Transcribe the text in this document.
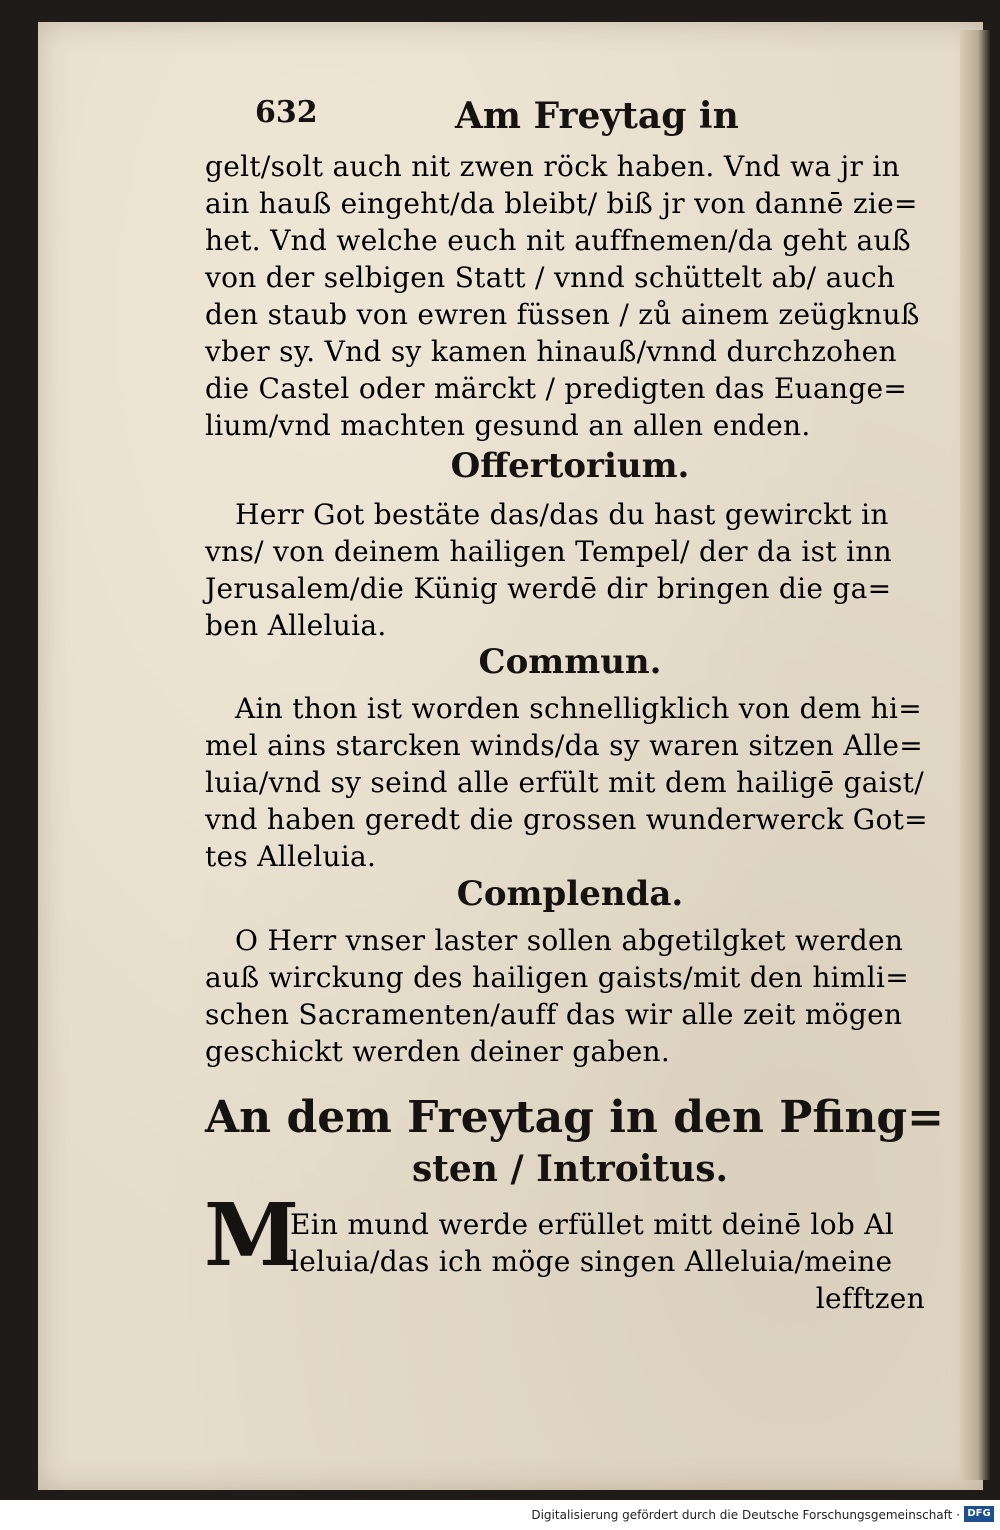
632	Am Freytag in
gelt/solt auch nit zwen röck haben. Vnd wa jr in
ain hauß eingeht/da bleibt/ biß jr von dannē zie=
het. Vnd welche euch nit auffnemen/da geht auß
von der selbigen Statt / vnnd schüttelt ab/ auch
den staub von ewren füssen / zů ainem zeügknuß
vber sy. Vnd sy kamen hinauß/vnnd durchzohen
die Castel oder märckt / predigten das Euange=
lium/vnd machten gesund an allen enden.
Offertorium.
Herr Got bestäte das/das du hast gewirckt in
vns/ von deinem hailigen Tempel/ der da ist inn
Jerusalem/die Künig werdē dir bringen die ga=
ben Alleluia.
Commun.
Ain thon ist worden schnelligklich von dem hi=
mel ains starcken winds/da sy waren sitzen Alle=
luia/vnd sy seind alle erfült mit dem hailigē gaist/
vnd haben geredt die grossen wunderwerck Got=
tes Alleluia.
Complenda.
O Herr vnser laster sollen abgetilgket werden
auß wirckung des hailigen gaists/mit den himli=
schen Sacramenten/auff das wir alle zeit mögen
geschickt werden deiner gaben.
An dem Freytag in den Pfing=
sten / Introitus.
M
Ein mund werde erfüllet mitt deinē lob Al
leluia/das ich möge singen Alleluia/meine
lefftzen
Digitalisierung gefördert durch die Deutsche Forschungsgemeinschaft · DFG
